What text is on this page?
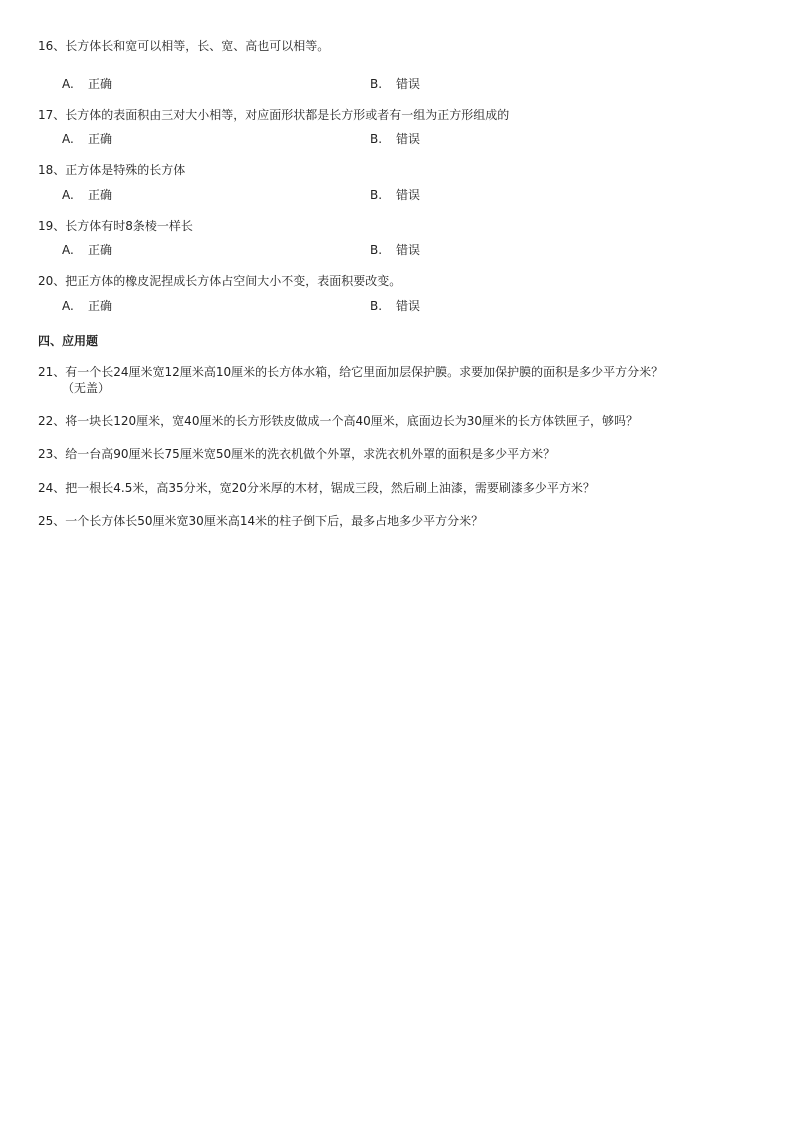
16、长方体长和宽可以相等，长、宽、高也可以相等。
A. 正确	B. 错误
17、长方体的表面积由三对大小相等，对应面形状都是长方形或者有一组为正方形组成的
A. 正确	B. 错误
18、正方体是特殊的长方体
A. 正确	B. 错误
19、长方体有时8条棱一样长
A. 正确	B. 错误
20、把正方体的橡皮泥捏成长方体占空间大小不变，表面积要改变。
A. 正确	B. 错误
四、应用题
21、有一个长24厘米宽12厘米高10厘米的长方体水箱，给它里面加层保护膜。求要加保护膜的面积是多少平方分米？
（无盖）
22、将一块长120厘米，宽40厘米的长方形铁皮做成一个高40厘米，底面边长为30厘米的长方体铁匣子，够吗？
23、给一台高90厘米长75厘米宽50厘米的洗衣机做个外罩，求洗衣机外罩的面积是多少平方米？
24、把一根长4.5米，高35分米，宽20分米厚的木材，锯成三段，然后刷上油漆，需要刷漆多少平方米？
25、一个长方体长50厘米宽30厘米高14米的柱子倒下后，最多占地多少平方分米？
